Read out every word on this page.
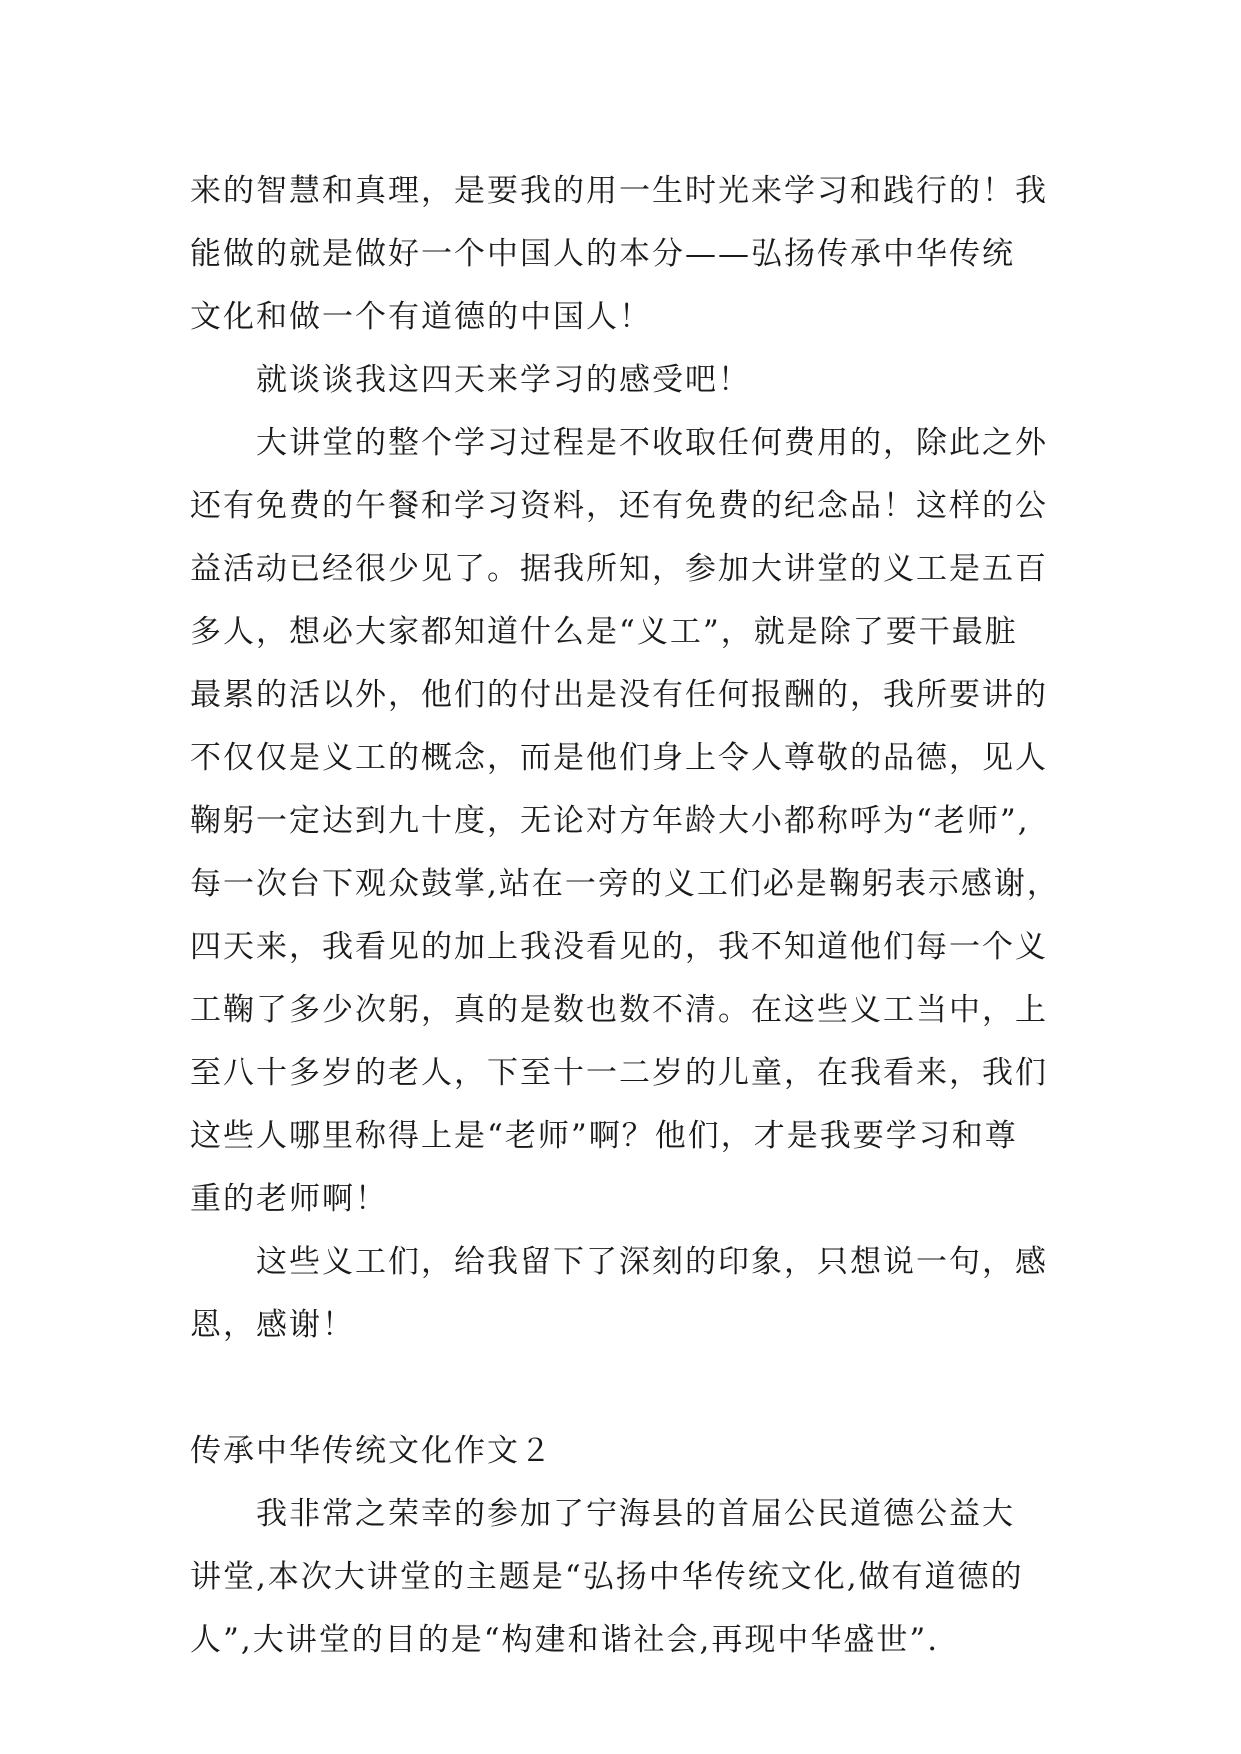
来的智慧和真理，是要我的用一生时光来学习和践行的！我
能做的就是做好一个中国人的本分——弘扬传承中华传统
文化和做一个有道德的中国人！
就谈谈我这四天来学习的感受吧！
大讲堂的整个学习过程是不收取任何费用的，除此之外
还有免费的午餐和学习资料，还有免费的纪念品！这样的公
益活动已经很少见了。据我所知，参加大讲堂的义工是五百
多人，想必大家都知道什么是“义工”，就是除了要干最脏
最累的活以外，他们的付出是没有任何报酬的，我所要讲的
不仅仅是义工的概念，而是他们身上令人尊敬的品德，见人
鞠躬一定达到九十度，无论对方年龄大小都称呼为“老师”,
每一次台下观众鼓掌,站在一旁的义工们必是鞠躬表示感谢，
四天来，我看见的加上我没看见的，我不知道他们每一个义
工鞠了多少次躬，真的是数也数不清。在这些义工当中，上
至八十多岁的老人，下至十一二岁的儿童，在我看来，我们
这些人哪里称得上是“老师”啊？他们，才是我要学习和尊
重的老师啊！
这些义工们，给我留下了深刻的印象，只想说一句，感
恩，感谢！
传承中华传统文化作文２
我非常之荣幸的参加了宁海县的首届公民道德公益大
讲堂,本次大讲堂的主题是“弘扬中华传统文化,做有道德的
人”,大讲堂的目的是“构建和谐社会,再现中华盛世”.
